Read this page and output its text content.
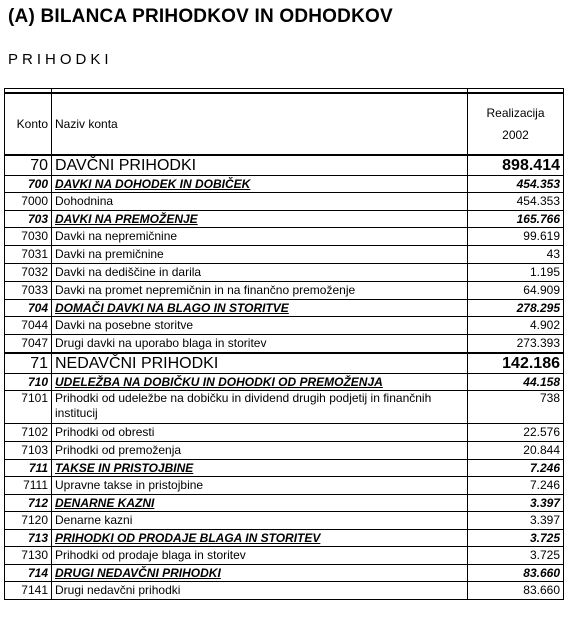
(A) BILANCA PRIHODKOV IN ODHODKOV
PRIHODKI

Konto	Naziv konta	Realizacija
2002

70	DAVČNI PRIHODKI	898.414
700	DAVKI NA DOHODEK IN DOBIČEK	454.353
7000	Dohodnina	454.353
703	DAVKI NA PREMOŽENJE	165.766
7030	Davki na nepremičnine	99.619
7031	Davki na premičnine	43
7032	Davki na dediščine in darila	1.195
7033	Davki na promet nepremičnin in na finančno premoženje	64.909
704	DOMAČI DAVKI NA BLAGO IN STORITVE	278.295
7044	Davki na posebne storitve	4.902
7047	Drugi davki na uporabo blaga in storitev	273.393
71	NEDAVČNI PRIHODKI	142.186
710	UDELEŽBA NA DOBIČKU IN DOHODKI OD PREMOŽENJA	44.158
7101	Prihodki od udeležbe na dobičku in dividend drugih podjetij in finančnih institucij	738
7102	Prihodki od obresti	22.576
7103	Prihodki od premoženja	20.844
711	TAKSE IN PRISTOJBINE	7.246
7111	Upravne takse in pristojbine	7.246
712	DENARNE KAZNI	3.397
7120	Denarne kazni	3.397
713	PRIHODKI OD PRODAJE BLAGA IN STORITEV	3.725
7130	Prihodki od prodaje blaga in storitev	3.725
714	DRUGI NEDAVČNI PRIHODKI	83.660
7141	Drugi nedavčni prihodki	83.660
